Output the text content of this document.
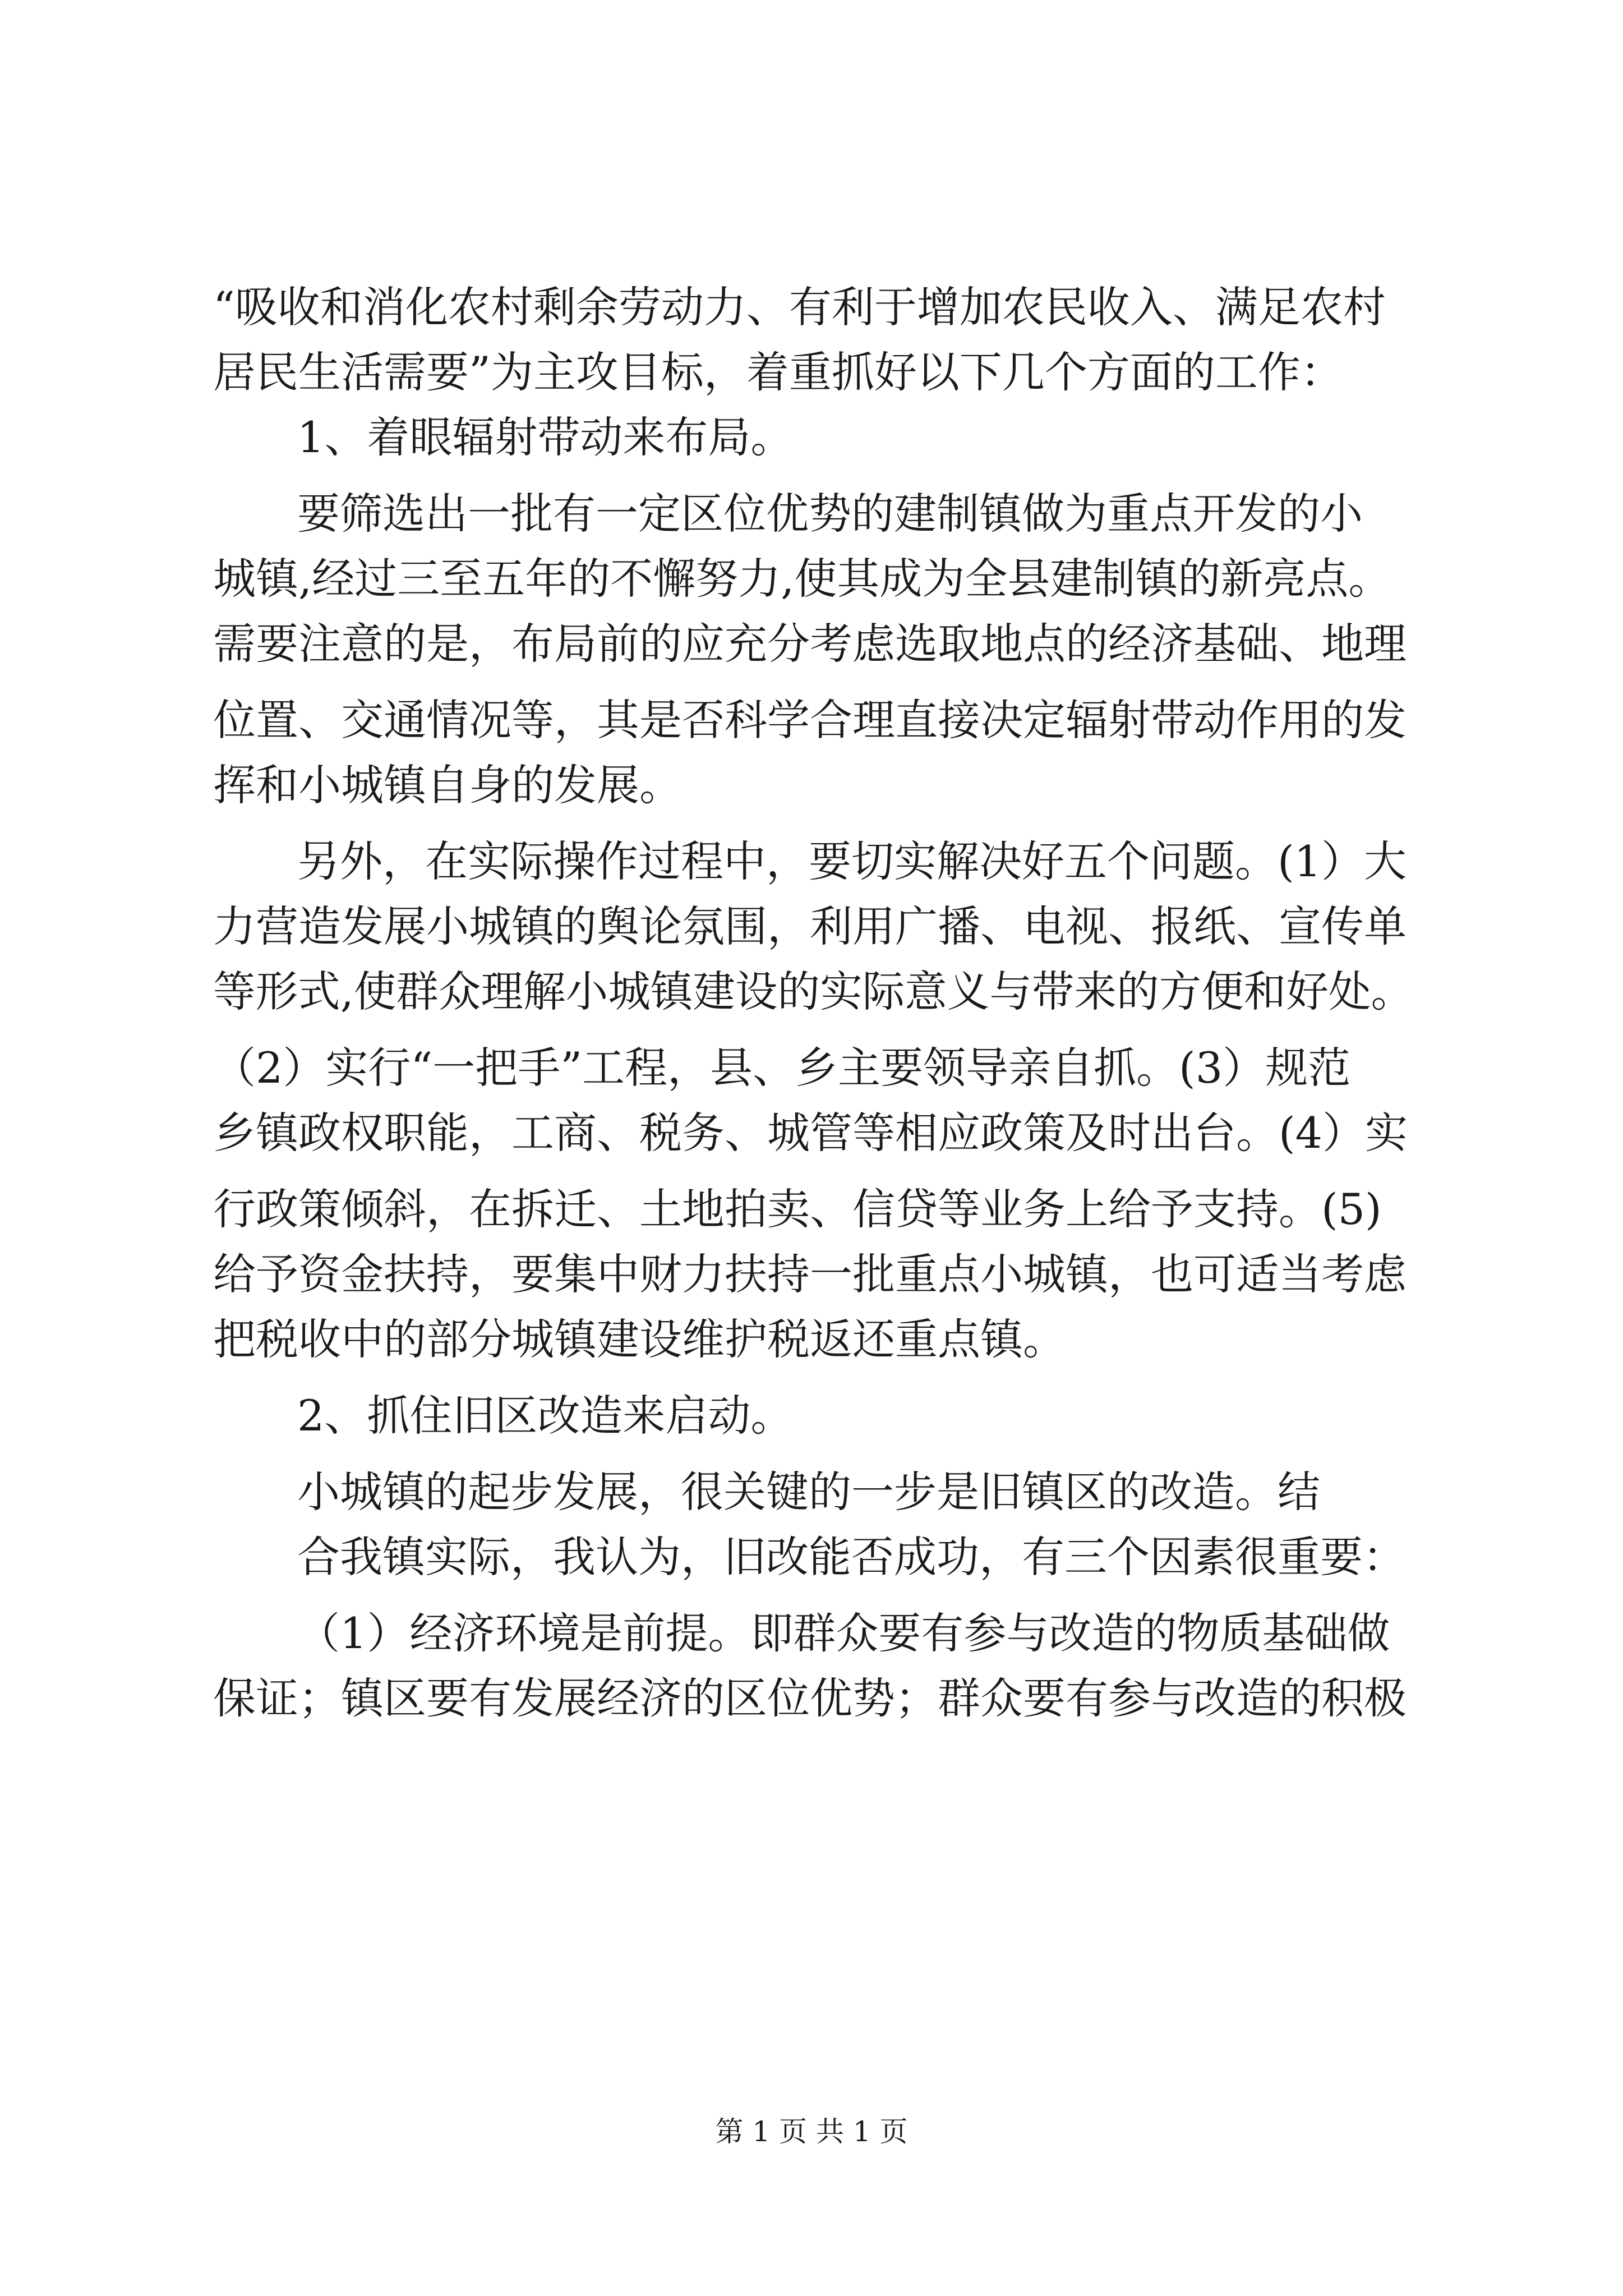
“吸收和消化农村剩余劳动力、有利于增加农民收入、满足农村
居民生活需要”为主攻目标，着重抓好以下几个方面的工作：
1、着眼辐射带动来布局。
要筛选出一批有一定区位优势的建制镇做为重点开发的小
城镇,经过三至五年的不懈努力,使其成为全县建制镇的新亮点。
需要注意的是，布局前的应充分考虑选取地点的经济基础、地理
位置、交通情况等，其是否科学合理直接决定辐射带动作用的发
挥和小城镇自身的发展。
另外，在实际操作过程中，要切实解决好五个问题。(1）大
力营造发展小城镇的舆论氛围，利用广播、电视、报纸、宣传单
等形式,使群众理解小城镇建设的实际意义与带来的方便和好处。
（2）实行“一把手”工程，县、乡主要领导亲自抓。(3）规范
乡镇政权职能，工商、税务、城管等相应政策及时出台。(4）实
行政策倾斜，在拆迁、土地拍卖、信贷等业务上给予支持。(5)
给予资金扶持，要集中财力扶持一批重点小城镇，也可适当考虑
把税收中的部分城镇建设维护税返还重点镇。
2、抓住旧区改造来启动。
小城镇的起步发展，很关键的一步是旧镇区的改造。结
合我镇实际，我认为，旧改能否成功，有三个因素很重要：
（1）经济环境是前提。即群众要有参与改造的物质基础做
保证；镇区要有发展经济的区位优势；群众要有参与改造的积极
第 1 页 共 1 页
